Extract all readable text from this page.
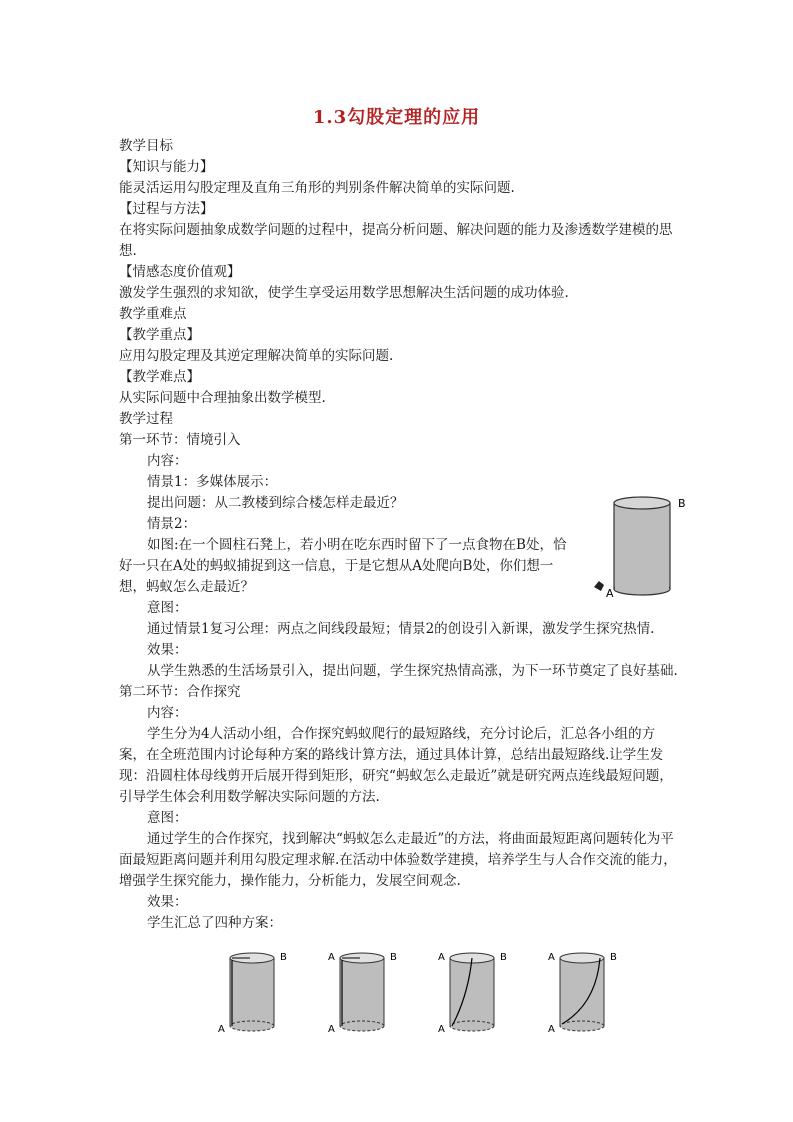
1.3勾股定理的应用
教学目标
【知识与能力】
能灵活运用勾股定理及直角三角形的判别条件解决简单的实际问题.
【过程与方法】
在将实际问题抽象成数学问题的过程中，提高分析问题、解决问题的能力及渗透数学建模的思想.
【情感态度价值观】
激发学生强烈的求知欲，使学生享受运用数学思想解决生活问题的成功体验.
教学重难点
【教学重点】
应用勾股定理及其逆定理解决简单的实际问题.
【教学难点】
从实际问题中合理抽象出数学模型.
教学过程
第一环节：情境引入
内容：
情景1：多媒体展示：
提出问题：从二教楼到综合楼怎样走最近？
情景2：
如图:在一个圆柱石凳上，若小明在吃东西时留下了一点食物在B处，恰好一只在A处的蚂蚁捕捉到这一信息，于是它想从A处爬向B处，你们想一想，蚂蚁怎么走最近？
意图：
通过情景1复习公理：两点之间线段最短；情景2的创设引入新课，激发学生探究热情.
效果：
从学生熟悉的生活场景引入，提出问题，学生探究热情高涨，为下一环节奠定了良好基础.
第二环节：合作探究
内容：
学生分为4人活动小组，合作探究蚂蚁爬行的最短路线，充分讨论后，汇总各小组的方案，在全班范围内讨论每种方案的路线计算方法，通过具体计算，总结出最短路线.让学生发现：沿圆柱体母线剪开后展开得到矩形，研究“蚂蚁怎么走最近”就是研究两点连线最短问题，引导学生体会利用数学解决实际问题的方法.
意图：
通过学生的合作探究，找到解决“蚂蚁怎么走最近”的方法，将曲面最短距离问题转化为平面最短距离问题并利用勾股定理求解.在活动中体验数学建摸，培养学生与人合作交流的能力，增强学生探究能力，操作能力，分析能力，发展空间观念.
效果：
学生汇总了四种方案：
A
B
A
B	A
A
B	A
A
B	A
A
B
